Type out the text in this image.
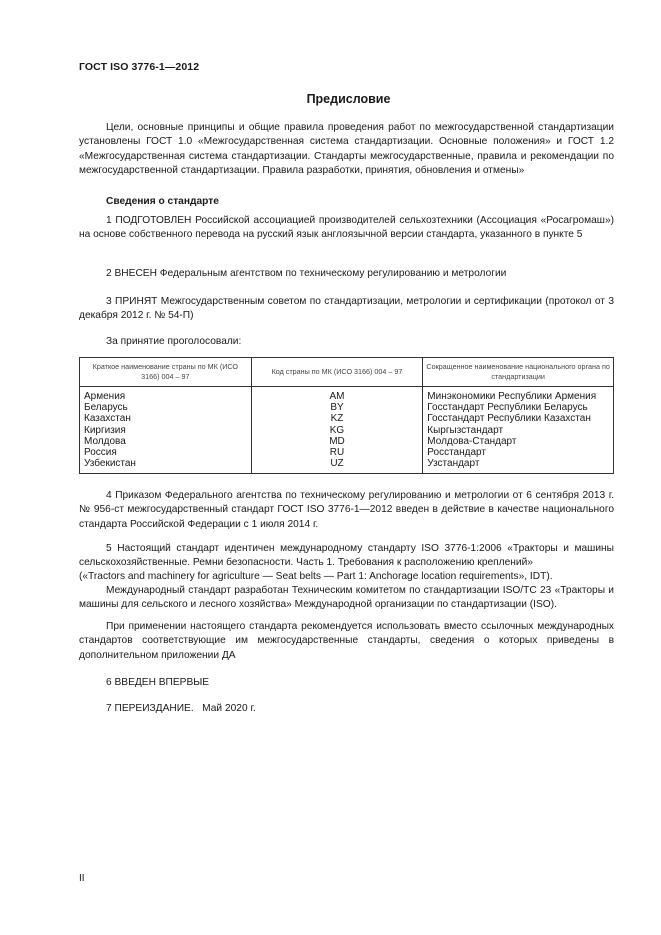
ГОСТ ISO 3776-1—2012
Предисловие

Цели, основные принципы и общие правила проведения работ по межгосударственной стандартизации установлены ГОСТ 1.0 «Межгосударственная система стандартизации. Основные положения» и ГОСТ 1.2 «Межгосударственная система стандартизации. Стандарты межгосударственные, правила и рекомендации по межгосударственной стандартизации. Правила разработки, принятия, обновления и отмены»

Сведения о стандарте

1 ПОДГОТОВЛЕН Российской ассоциацией производителей сельхозтехники (Ассоциация «Росагромаш») на основе собственного перевода на русский язык англоязычной версии стандарта, указанного в пункте 5

2 ВНЕСЕН Федеральным агентством по техническому регулированию и метрологии

3 ПРИНЯТ Межгосударственным советом по стандартизации, метрологии и сертификации (протокол от 3 декабря 2012 г. № 54-П)

За принятие проголосовали:

Краткое наименование страны по МК (ИСО 3166) 004 – 97	Код страны по МК (ИСО 3166) 004 – 97	Сокращенное наименование национального органа по стандартизации
Армения	AM	Минэкономики Республики Армения
Беларусь	BY	Госстандарт Республики Беларусь
Казахстан	KZ	Госстандарт Республики Казахстан
Киргизия	KG	Кыргызстандарт
Молдова	MD	Молдова-Стандарт
Россия	RU	Росстандарт
Узбекистан	UZ	Узстандарт

4 Приказом Федерального агентства по техническому регулированию и метрологии от 6 сентября 2013 г. № 956-ст межгосударственный стандарт ГОСТ ISO 3776-1—2012 введен в действие в качестве национального стандарта Российской Федерации с 1 июля 2014 г.

5 Настоящий стандарт идентичен международному стандарту ISO 3776-1:2006 «Тракторы и машины сельскохозяйственные. Ремни безопасности. Часть 1. Требования к расположению креплений»

(«Tractors and machinery for agriculture — Seat belts — Part 1: Anchorage location requirements», IDT).

Международный стандарт разработан Техническим комитетом по стандартизации ISO/TC 23 «Тракторы и машины для сельского и лесного хозяйства» Международной организации по стандартизации (ISO).

При применении настоящего стандарта рекомендуется использовать вместо ссылочных международных стандартов соответствующие им межгосударственные стандарты, сведения о которых приведены в дополнительном приложении ДА

6 ВВЕДЕН ВПЕРВЫЕ

7 ПЕРЕИЗДАНИЕ.   Май 2020 г.

II
